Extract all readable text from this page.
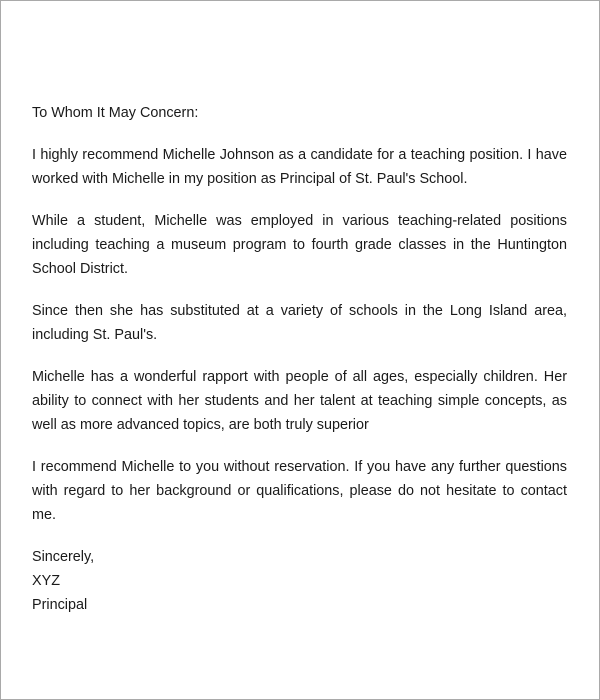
To Whom It May Concern:

I highly recommend Michelle Johnson as a candidate for a teaching position. I have worked with Michelle in my position as Principal of St. Paul's School.

While a student, Michelle was employed in various teaching-related positions including teaching a museum program to fourth grade classes in the Huntington School District.

Since then she has substituted at a variety of schools in the Long Island area, including St. Paul's.

Michelle has a wonderful rapport with people of all ages, especially children. Her ability to connect with her students and her talent at teaching simple concepts, as well as more advanced topics, are both truly superior

I recommend Michelle to you without reservation. If you have any further questions with regard to her background or qualifications, please do not hesitate to contact me.

Sincerely,

XYZ

Principal
